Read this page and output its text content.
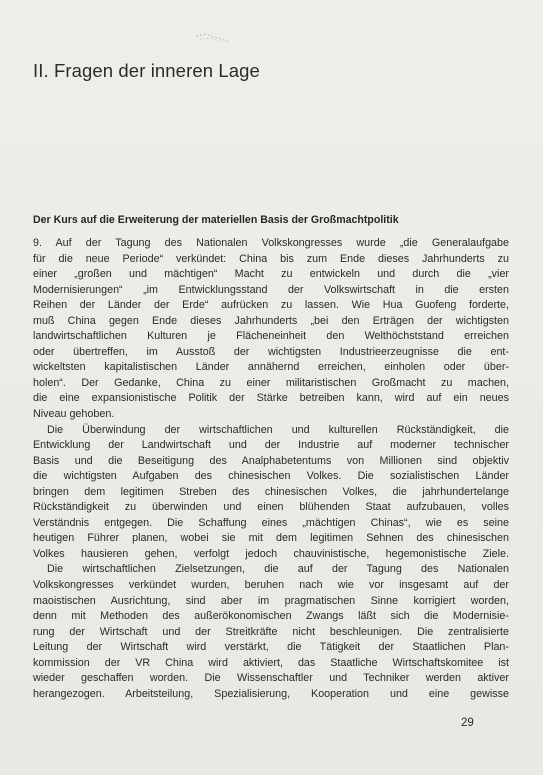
II. Fragen der inneren Lage
Der Kurs auf die Erweiterung der materiellen Basis der Großmachtpolitik

9. Auf der Tagung des Nationalen Volkskongresses wurde „die Generalaufgabe
für die neue Periode“ verkündet: China bis zum Ende dieses Jahrhunderts zu
einer „großen und mächtigen“ Macht zu entwickeln und durch die „vier
Modernisierungen“ „im Entwicklungsstand der Volkswirtschaft in die ersten
Reihen der Länder der Erde“ aufrücken zu lassen. Wie Hua Guofeng forderte,
muß China gegen Ende dieses Jahrhunderts „bei den Erträgen der wichtigsten
landwirtschaftlichen Kulturen je Flächeneinheit den Welthöchststand erreichen
oder übertreffen, im Ausstoß der wichtigsten Industrieerzeugnisse die ent-
wickeltsten kapitalistischen Länder annähernd erreichen, einholen oder über-
holen“. Der Gedanke, China zu einer militaristischen Großmacht zu machen,
die eine expansionistische Politik der Stärke betreiben kann, wird auf ein neues
Niveau gehoben.

Die Überwindung der wirtschaftlichen und kulturellen Rückständigkeit, die
Entwicklung der Landwirtschaft und der Industrie auf moderner technischer
Basis und die Beseitigung des Analphabetentums von Millionen sind objektiv
die wichtigsten Aufgaben des chinesischen Volkes. Die sozialistischen Länder
bringen dem legitimen Streben des chinesischen Volkes, die jahrhundertelange
Rückständigkeit zu überwinden und einen blühenden Staat aufzubauen, volles
Verständnis entgegen. Die Schaffung eines „mächtigen Chinas“, wie es seine
heutigen Führer planen, wobei sie mit dem legitimen Sehnen des chinesischen
Volkes hausieren gehen, verfolgt jedoch chauvinistische, hegemonistische Ziele.

Die wirtschaftlichen Zielsetzungen, die auf der Tagung des Nationalen
Volkskongresses verkündet wurden, beruhen nach wie vor insgesamt auf der
maoistischen Ausrichtung, sind aber im pragmatischen Sinne korrigiert worden,
denn mit Methoden des außerökonomischen Zwangs läßt sich die Modernisie-
rung der Wirtschaft und der Streitkräfte nicht beschleunigen. Die zentralisierte
Leitung der Wirtschaft wird verstärkt, die Tätigkeit der Staatlichen Plan-
kommission der VR China wird aktiviert, das Staatliche Wirtschaftskomitee ist
wieder geschaffen worden. Die Wissenschaftler und Techniker werden aktiver
herangezogen. Arbeitsteilung, Spezialisierung, Kooperation und eine gewisse

29
